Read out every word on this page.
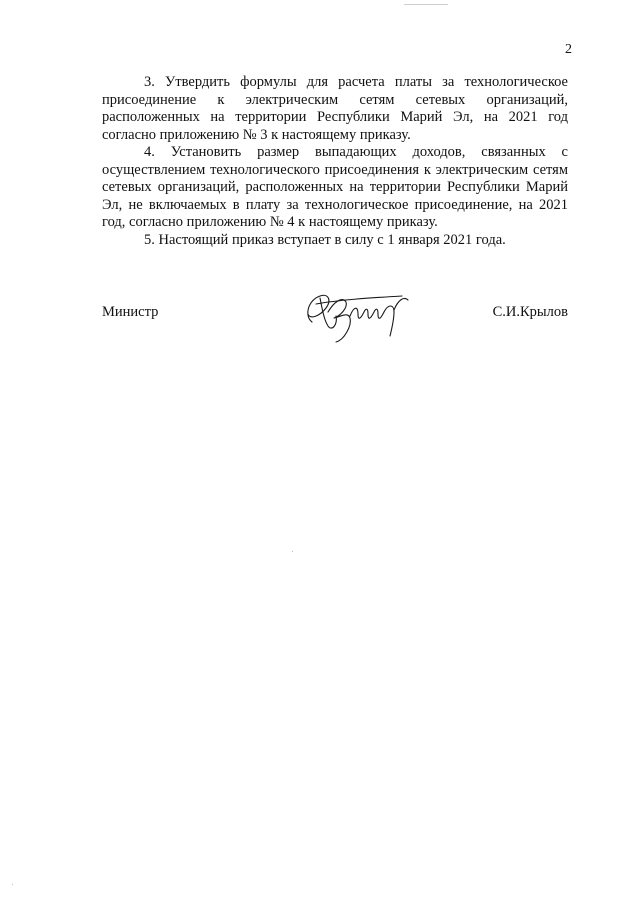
2

3. Утвердить формулы для расчета платы за технологическое присоединение к электрическим сетям сетевых организаций, расположенных на территории Республики Марий Эл, на 2021 год согласно приложению № 3 к настоящему приказу.

4. Установить размер выпадающих доходов, связанных с осуществлением технологического присоединения к электрическим сетям сетевых организаций, расположенных на территории Республики Марий Эл, не включаемых в плату за технологическое присоединение, на 2021 год, согласно приложению № 4 к настоящему приказу.

5. Настоящий приказ вступает в силу с 1 января 2021 года.

Министр	С.И.Крылов
